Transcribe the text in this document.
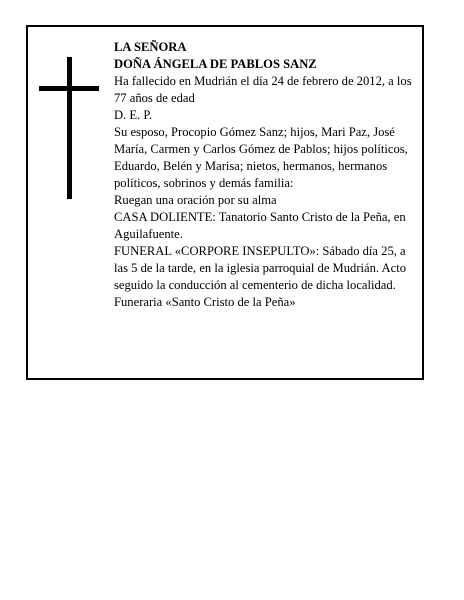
LA SEÑORA

DOÑA ÁNGELA DE PABLOS SANZ

Ha fallecido en Mudrián el día 24 de febrero de 2012, a los 77 años de edad

D. E. P.

Su esposo, Procopio Gómez Sanz; hijos, Mari Paz, José María, Carmen y Carlos Gómez de Pablos; hijos políticos, Eduardo, Belén y Marisa; nietos, hermanos, hermanos políticos, sobrinos y demás familia:

Ruegan una oración por su alma

CASA DOLIENTE: Tanatorio Santo Cristo de la Peña, en Aguilafuente.

FUNERAL «CORPORE INSEPULTO»: Sábado día 25, a las 5 de la tarde, en la iglesia parroquial de Mudrián. Acto seguido la conducción al cementerio de dicha localidad.

Funeraria «Santo Cristo de la Peña»
